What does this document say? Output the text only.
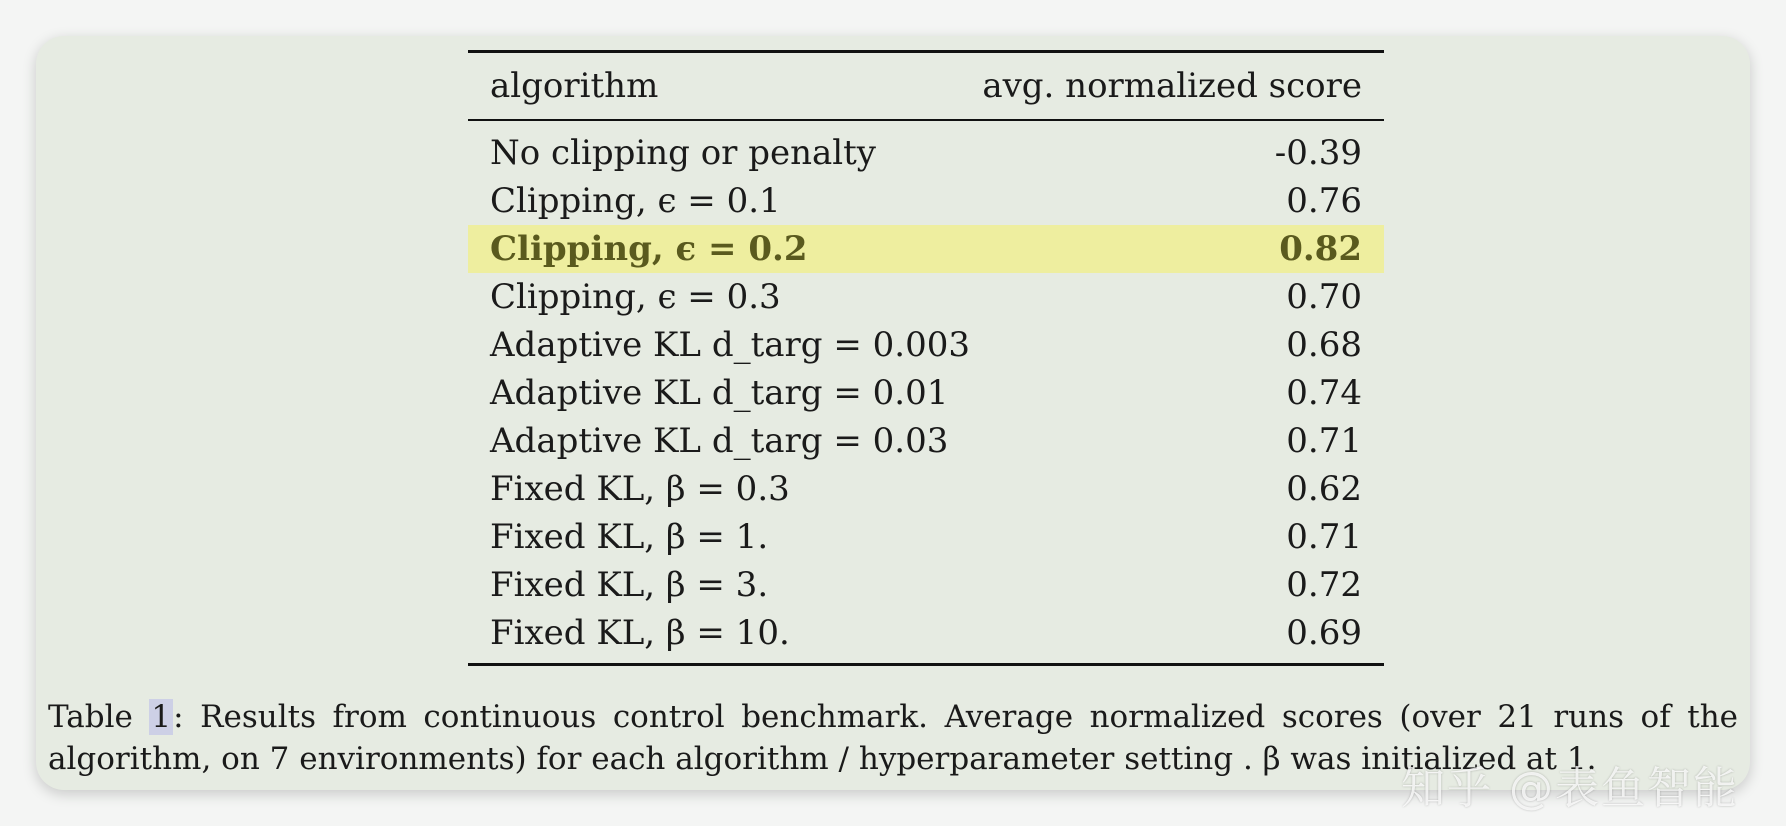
algorithm	avg. normalized score
No clipping or penalty	-0.39
Clipping, ϵ = 0.1	0.76
Clipping, ϵ = 0.2	0.82
Clipping, ϵ = 0.3	0.70
Adaptive KL d_targ = 0.003	0.68
Adaptive KL d_targ = 0.01	0.74
Adaptive KL d_targ = 0.03	0.71
Fixed KL, β = 0.3	0.62
Fixed KL, β = 1.	0.71
Fixed KL, β = 3.	0.72
Fixed KL, β = 10.	0.69
Table 1: Results from continuous control benchmark. Average normalized scores (over 21 runs of the algorithm, on 7 environments) for each algorithm / hyperparameter setting . β was initialized at 1.
知乎 @表鱼智能
